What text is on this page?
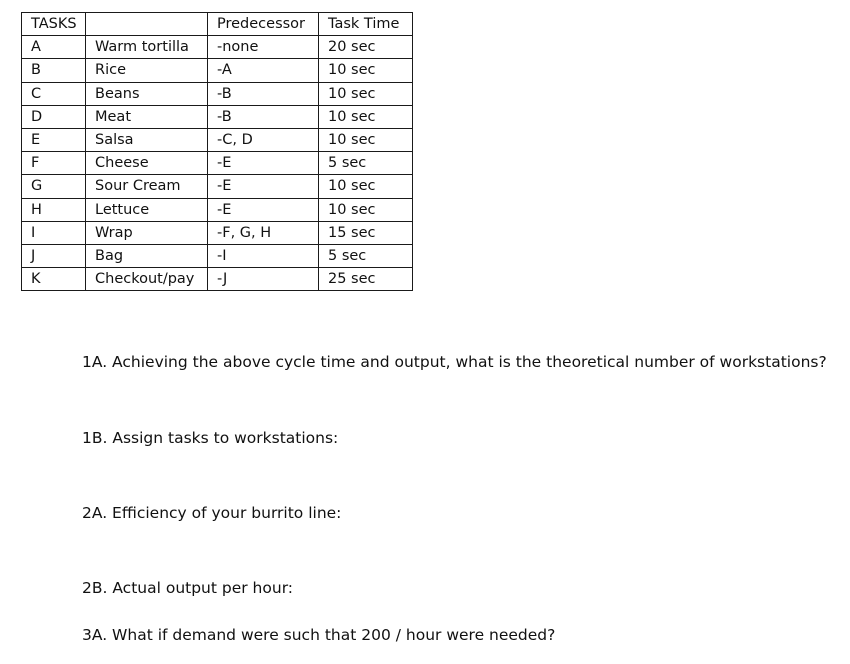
TASKS		Predecessor	Task Time
A	Warm tortilla	-none	20 sec
B	Rice	-A	10 sec
C	Beans	-B	10 sec
D	Meat	-B	10 sec
E	Salsa	-C, D	10 sec
F	Cheese	-E	5 sec
G	Sour Cream	-E	10 sec
H	Lettuce	-E	10 sec
I	Wrap	-F, G, H	15 sec
J	Bag	-I	5 sec
K	Checkout/pay	-J	25 sec

1A. Achieving the above cycle time and output, what is the theoretical number of workstations?

1B. Assign tasks to workstations:

2A. Efficiency of your burrito line:

2B. Actual output per hour:

3A. What if demand were such that 200 / hour were needed?
